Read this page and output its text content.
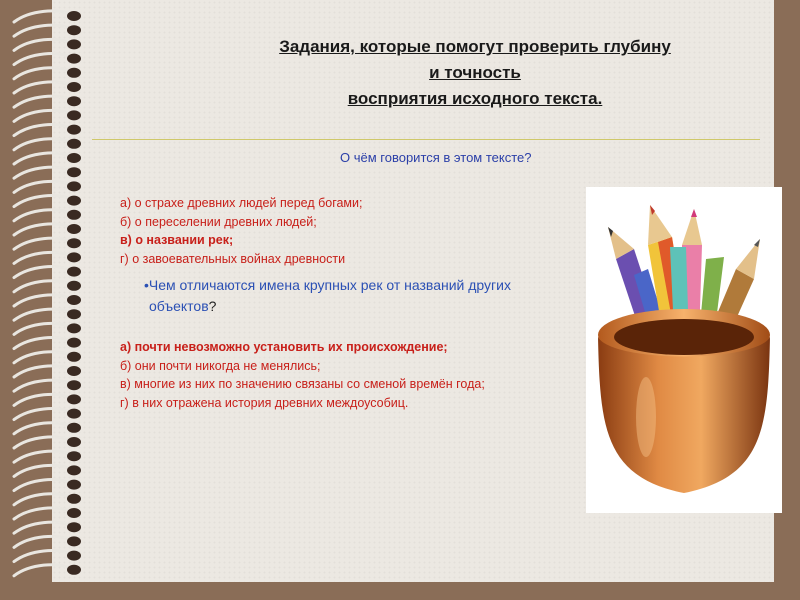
Задания, которые помогут проверить глубину
и точность
восприятия исходного текста.
О чём говорится в этом тексте?
а) о страхе древних людей перед богами;
б) о переселении древних людей;
в) о названии рек;
г) о завоевательных войнах древности
•Чем отличаются имена крупных рек от названий других
объектов?
а) почти невозможно установить их происхождение;
б) они почти никогда не менялись;
в) многие из них по значению связаны со сменой времён года;
г) в них отражена история древних междоусобиц.
